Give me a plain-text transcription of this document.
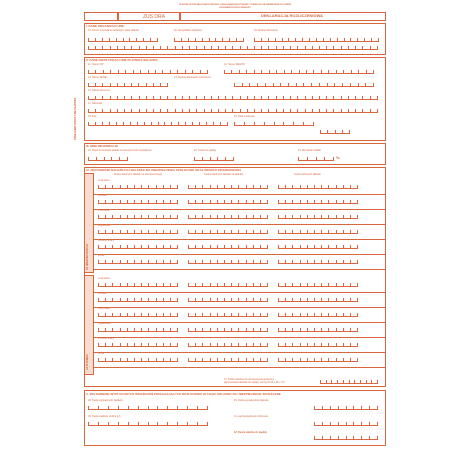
PŁATNIK WYPEŁNIA KOMPUTEROWO, DRUKOWANYMI LITERAMI, CZARNYM LUB NIEBIESKIM KOLOREM
DOKUMENT ROZLICZENIOWY
ZUS DRA	DEKLARACJA ROZLICZENIOWA
I. DANE ORGANIZACYJNE
01. Termin przesyłania deklaracji i wpłat składek	02. Identyfikator deklaracji	03. Rodzaj dokumentu
II. DANE IDENTYFIKACYJNE PŁATNIKA SKŁADEK
11. Numer NIP	12. Numer REGON
13. Numer PESEL	14. Rodzaj dokumentu tożsamości
16. Nazwa skrócona
17. Nazwisko
18. Imię	19. Data urodzenia
DANE IDENTYFIKACYJNE PŁATNIKA
III. INNE INFORMACJE
21. Stopa procentowa składki na ubezpieczenie wypadkowe	22. Kwota do zapłaty	23. Wysokość składki
%
IV. ZESTAWIENIE NALEŻNYCH SKŁADEK NA UBEZPIECZENIA SPOŁECZNE ORAZ ŹRÓDŁO FINANSOWANIA
ZA UBEZPIECZONYCH
ZA PŁATNIKA
Kwota należnych składek za ubezpieczonego	Kwota należnych składek za płatnika	Kwota należnych składek
emerytalne
rentowe
chorobowe
wypadkowe
Fundusz Pracy
FGŚP
emerytalne
rentowe
chorobowe
wypadkowe
Fundusz Pracy
FGŚP
37. Kwota należna za ubezpieczenia społeczne
(łączna kwota składek do zapłaty, suma pól 25 + 26 + 27)
V. ZESTAWIENIE WYPŁACONYCH ŚWIADCZEŃ PODLEGAJĄCYCH ROZLICZENIU W CIĄGU SKŁADEK NA UBEZPIECZENIA SPOŁECZNE
28. Kwota wypłaconych zasiłków	29. Kwota wynagrodzeń płatnika
30. Kwota zasiłków rodzinnych	31. Łączna kwota do rozliczenia
32. Kwota należna do zapłaty
